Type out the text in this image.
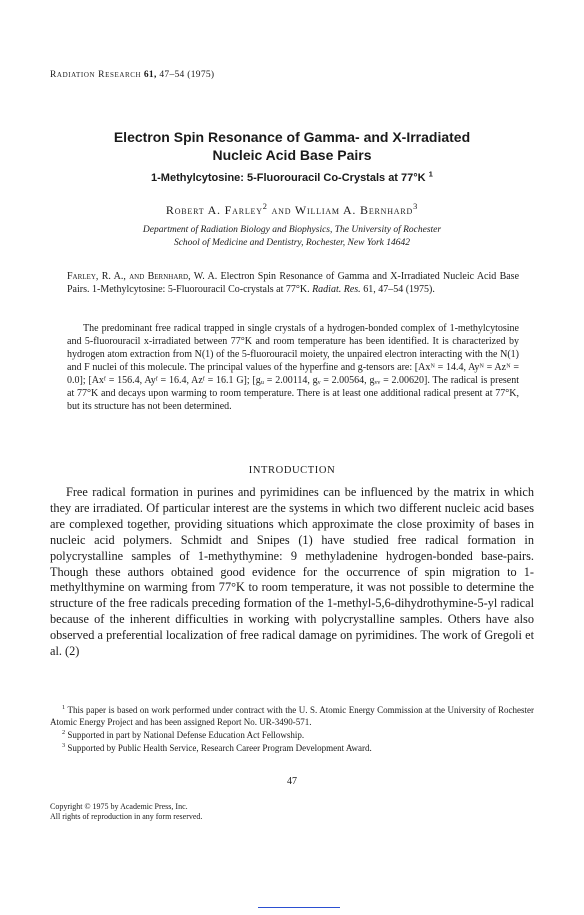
Radiation Research 61, 47–54 (1975)
Electron Spin Resonance of Gamma- and X-Irradiated
Nucleic Acid Base Pairs
1-Methylcytosine: 5-Fluorouracil Co-Crystals at 77°K $^1$
Robert A. Farley$^2$ and William A. Bernhard$^3$
Department of Radiation Biology and Biophysics, The University of Rochester
School of Medicine and Dentistry, Rochester, New York 14642
Farley, R. A., and Bernhard, W. A. Electron Spin Resonance of Gamma and X-Irradiated Nucleic Acid Base Pairs. 1-Methylcytosine: 5-Fluorouracil Co-crystals at 77°K. Radiat. Res. 61, 47–54 (1975).
The predominant free radical trapped in single crystals of a hydrogen-bonded complex of 1-methylcytosine and 5-fluorouracil x-irradiated between 77°K and room temperature has been identified. It is characterized by hydrogen atom extraction from N(1) of the 5-fluorouracil moiety, the unpaired electron interacting with the N(1) and F nuclei of this molecule. The principal values of the hyperfine and g-tensors are: [Axᴺ = 14.4, Ayᴺ = Azᴺ = 0.0]; [Axᶠ = 156.4, Ayᶠ = 16.4, Azᶠ = 16.1 G]; [gᵤ = 2.00114, gᵥ = 2.00564, gᵥᵥ = 2.00620]. The radical is present at 77°K and decays upon warming to room temperature. There is at least one additional radical present at 77°K, but its structure has not been determined.
INTRODUCTION

Free radical formation in purines and pyrimidines can be influenced by the matrix in which they are irradiated. Of particular interest are the systems in which two different nucleic acid bases are complexed together, providing situations which approximate the close proximity of bases in nucleic acid polymers. Schmidt and Snipes (1) have studied free radical formation in polycrystalline samples of 1-methythymine: 9 methyladenine hydrogen-bonded base-pairs. Though these authors obtained good evidence for the occurrence of spin migration to 1-methylthymine on warming from 77°K to room temperature, it was not possible to determine the structure of the free radicals preceding formation of the 1-methyl-5,6-dihydrothymine-5-yl radical because of the inherent difficulties in working with polycrystalline samples. Others have also observed a preferential localization of free radical damage on pyrimidines. The work of Gregoli et al. (2)

$^1$ This paper is based on work performed under contract with the U. S. Atomic Energy Commission at the University of Rochester Atomic Energy Project and has been assigned Report No. UR-3490-571.

$^2$ Supported in part by National Defense Education Act Fellowship.

$^3$ Supported by Public Health Service, Research Career Program Development Award.

47
Copyright © 1975 by Academic Press, Inc.
All rights of reproduction in any form reserved.
